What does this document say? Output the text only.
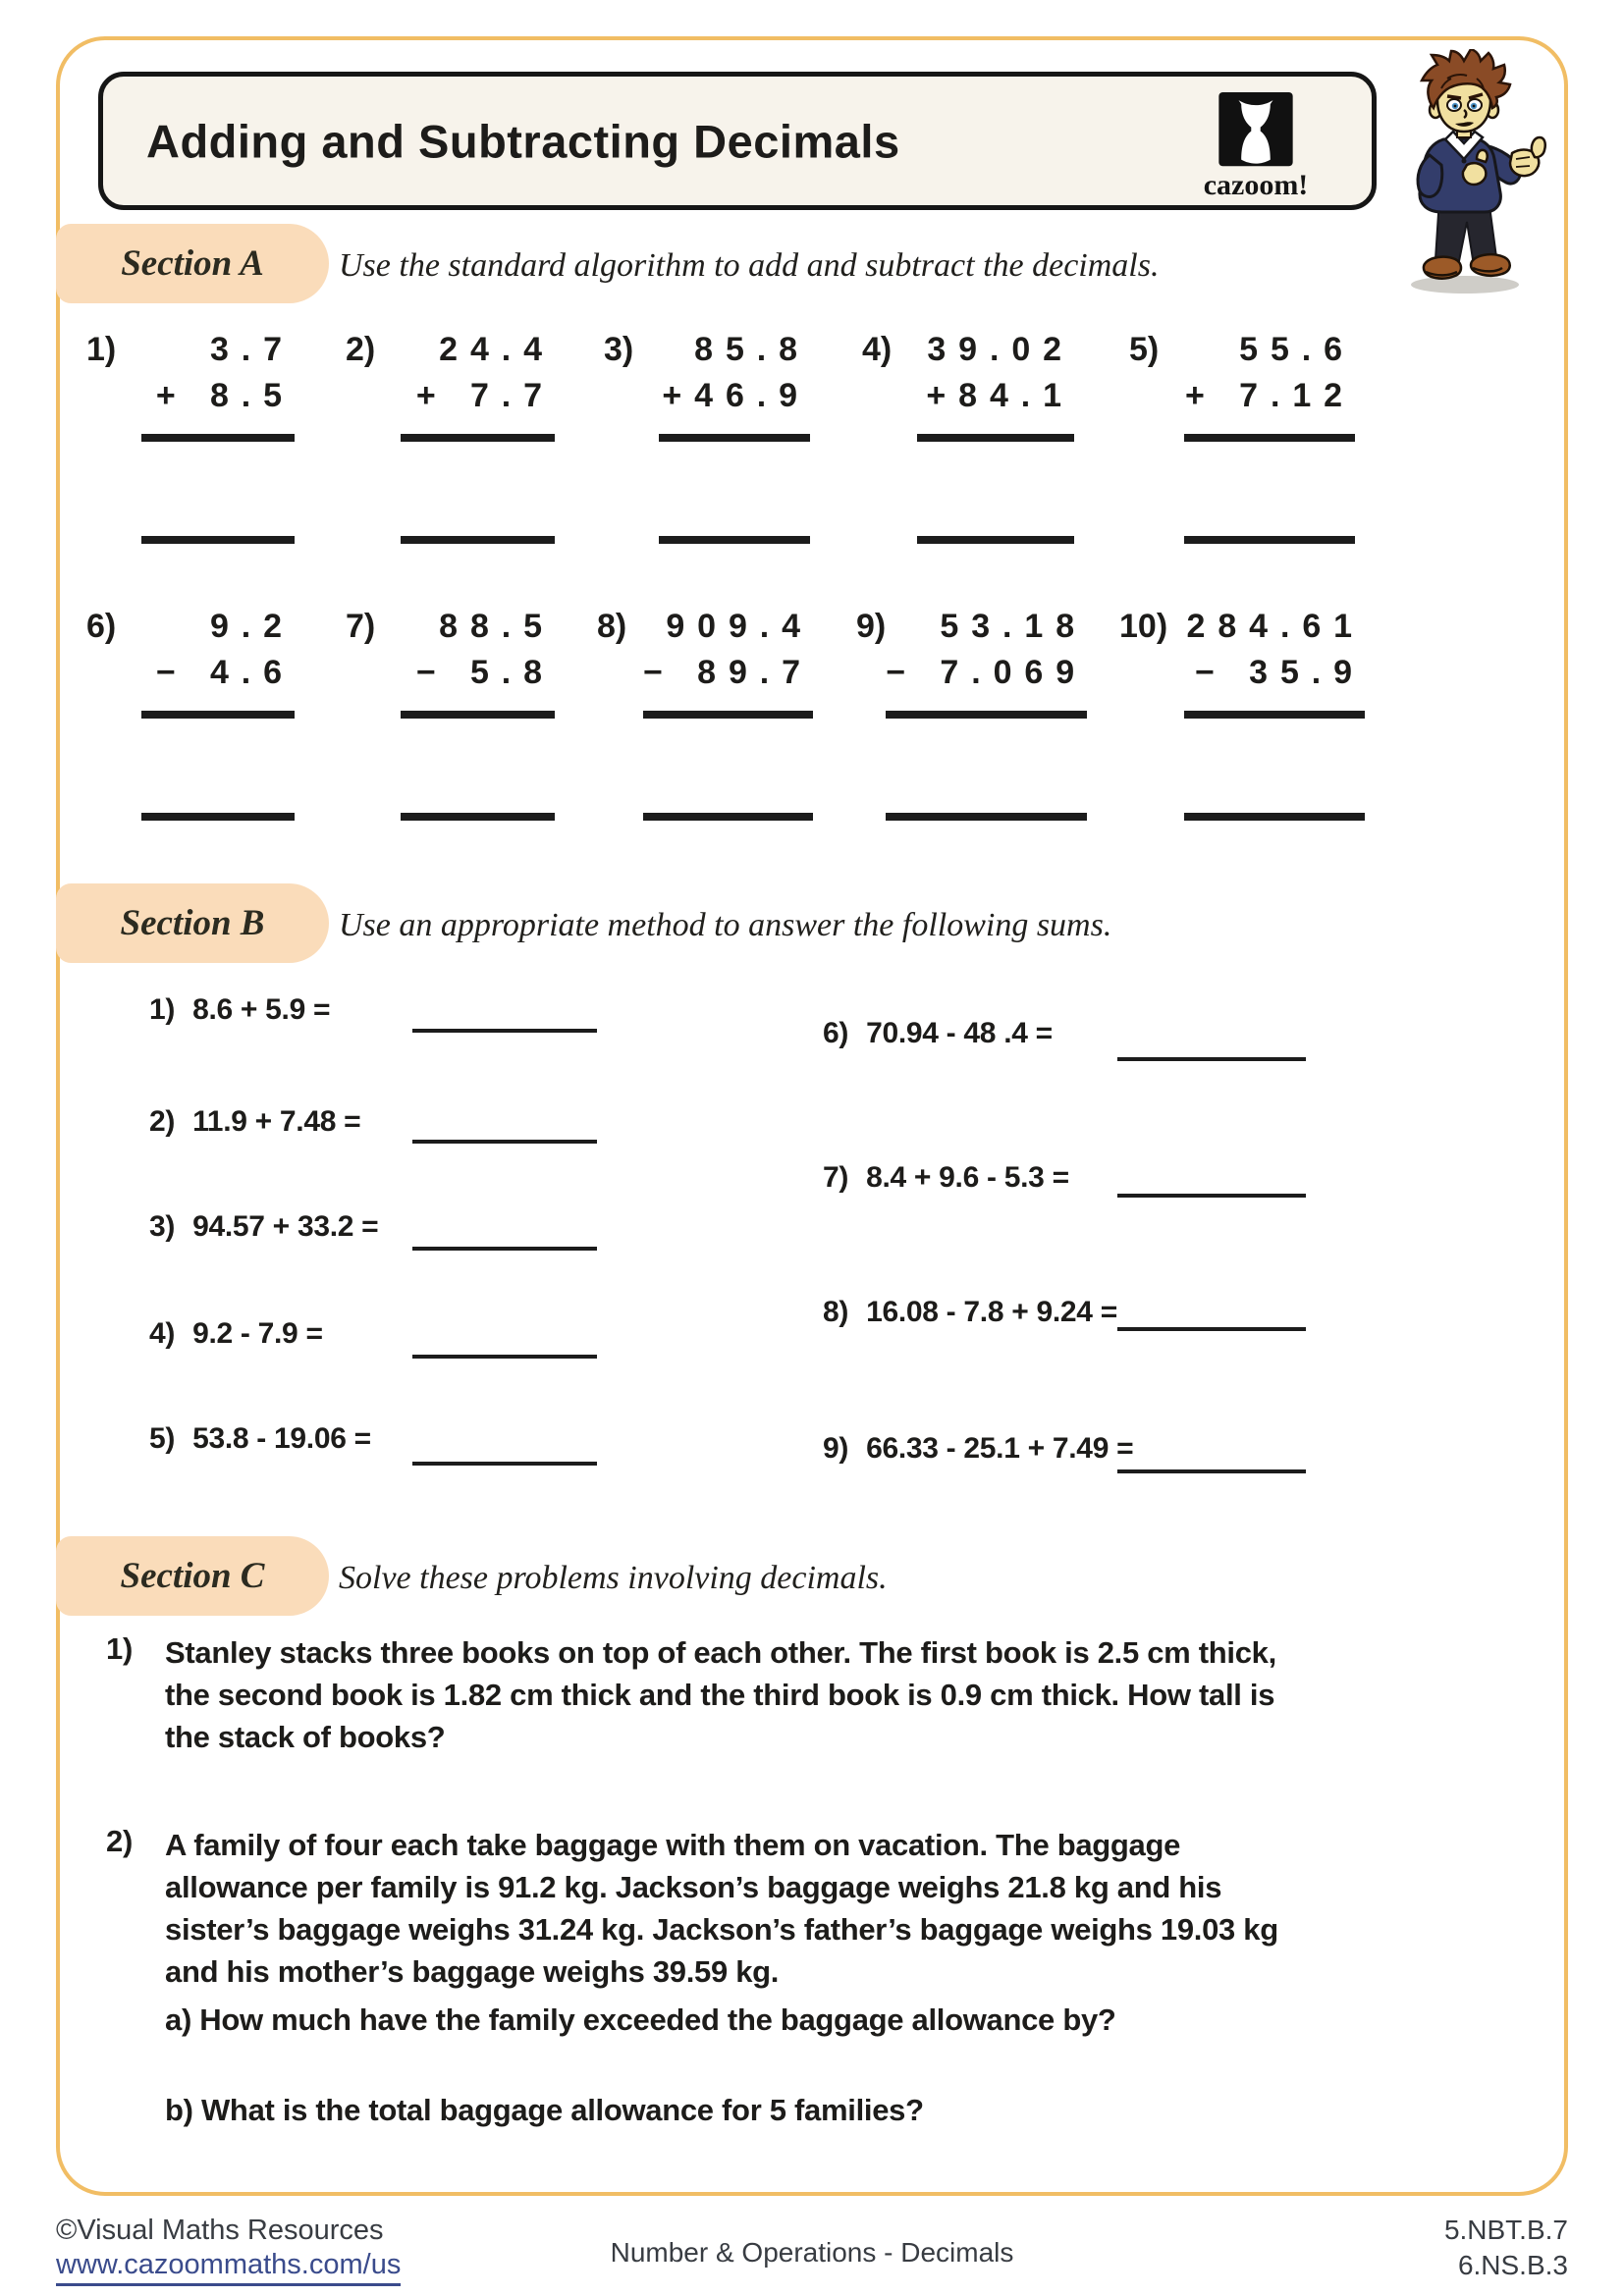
Adding and Subtracting Decimals
cazoom!
Section A Use the standard algorithm to add and subtract the decimals.
1)	3.7
+ 8.5
2)	24.4
+ 7.7
3)	85.8
+46.9
4)	39.02
+84.1
5)	55.6
+ 7.12
6)	9.2
− 4.6
7)	88.5
− 5.8
8)	909.4
− 89.7
9)	53.18
− 7.069
10) 284.61
− 35.9
Section B Use an appropriate method to answer the following sums.
1) 8.6 + 5.9 =
2) 11.9 + 7.48 =
3) 94.57 + 33.2 =
4) 9.2 - 7.9 =
5) 53.8 - 19.06 =
6) 70.94 - 48 .4 =
7) 8.4 + 9.6 - 5.3 =
8) 16.08 - 7.8 + 9.24 =
9) 66.33 - 25.1 + 7.49 =
Section C Solve these problems involving decimals.
1) Stanley stacks three books on top of each other. The first book is 2.5 cm thick,
the second book is 1.82 cm thick and the third book is 0.9 cm thick. How tall is
the stack of books?
2) A family of four each take baggage with them on vacation. The baggage
allowance per family is 91.2 kg. Jackson’s baggage weighs 21.8 kg and his
sister’s baggage weighs 31.24 kg. Jackson’s father’s baggage weighs 19.03 kg
and his mother’s baggage weighs 39.59 kg.
a) How much have the family exceeded the baggage allowance by?
b) What is the total baggage allowance for 5 families?
©Visual Maths Resources
www.cazoommaths.com/us	Number & Operations - Decimals
5.NBT.B.7
6.NS.B.3
